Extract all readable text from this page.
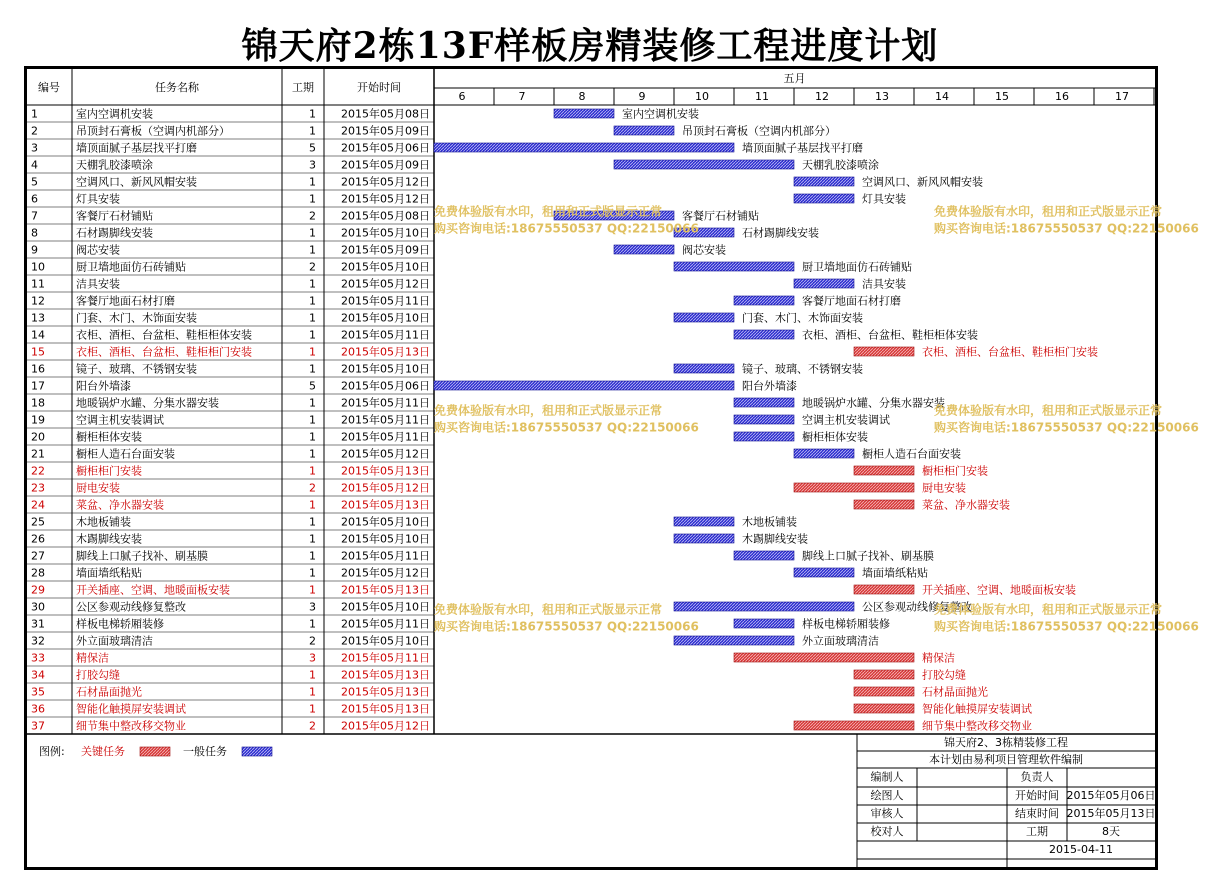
锦天府2栋13F样板房精装修工程进度计划
编号	任务名称	工期	开始时间
五月
6	7	8	9	10	11	12	13	14	15	16	17
1	室内空调机安装	1 2015年05月08日
2	吊顶封石膏板（空调内机部分）	1 2015年05月09日
3	墙顶面腻子基层找平打磨	5 2015年05月06日
4	天棚乳胶漆喷涂	3 2015年05月09日
5	空调风口、新风风帽安装	1 2015年05月12日
6	灯具安装	1 2015年05月12日
7	客餐厅石材铺贴	2 2015年05月08日
8	石材踢脚线安装	1 2015年05月10日
9	阀芯安装	1 2015年05月09日
10	厨卫墙地面仿石砖铺贴	2 2015年05月10日
11	洁具安装	1 2015年05月12日
12	客餐厅地面石材打磨	1 2015年05月11日
13	门套、木门、木饰面安装	1 2015年05月10日
14	衣柜、酒柜、台盆柜、鞋柜柜体安装	1 2015年05月11日
15	衣柜、酒柜、台盆柜、鞋柜柜门安装	1 2015年05月13日
16	镜子、玻璃、不锈钢安装	1 2015年05月10日
17	阳台外墙漆	5 2015年05月06日
18	地暖锅炉水罐、分集水器安装	1 2015年05月11日
19	空调主机安装调试	1 2015年05月11日
20	橱柜柜体安装	1 2015年05月11日
21	橱柜人造石台面安装	1 2015年05月12日
22	橱柜柜门安装	1 2015年05月13日
23	厨电安装	2 2015年05月12日
24	菜盆、净水器安装	1 2015年05月13日
25	木地板铺装	1 2015年05月10日
26	木踢脚线安装	1 2015年05月10日
27	脚线上口腻子找补、刷基膜	1 2015年05月11日
28	墙面墙纸粘贴	1 2015年05月12日
29	开关插座、空调、地暖面板安装	1 2015年05月13日
30	公区参观动线修复整改	3 2015年05月10日
31	样板电梯轿厢装修	1 2015年05月11日
32	外立面玻璃清洁	2 2015年05月10日
33	精保洁	3 2015年05月11日
34	打胶勾缝	1 2015年05月13日
35	石材晶面抛光	1 2015年05月13日
36	智能化触摸屏安装调试	1 2015年05月13日
37	细节集中整改移交物业	2 2015年05月12日
室内空调机安装
吊顶封石膏板（空调内机部分）
墙顶面腻子基层找平打磨
天棚乳胶漆喷涂
空调风口、新风风帽安装
灯具安装
客餐厅石材铺贴
石材踢脚线安装
阀芯安装
厨卫墙地面仿石砖铺贴
洁具安装
客餐厅地面石材打磨
门套、木门、木饰面安装
衣柜、酒柜、台盆柜、鞋柜柜体安装
衣柜、酒柜、台盆柜、鞋柜柜门安装
镜子、玻璃、不锈钢安装
阳台外墙漆
地暖锅炉水罐、分集水器安装
空调主机安装调试
橱柜柜体安装
橱柜人造石台面安装
橱柜柜门安装
厨电安装
菜盆、净水器安装
木地板铺装
木踢脚线安装
脚线上口腻子找补、刷基膜
墙面墙纸粘贴
开关插座、空调、地暖面板安装
公区参观动线修复整改
样板电梯轿厢装修
外立面玻璃清洁
精保洁
打胶勾缝
石材晶面抛光
智能化触摸屏安装调试
细节集中整改移交物业
免费体验版有水印，租用和正式版显示正常
购买咨询电话:18675550537 QQ:22150066
免费体验版有水印，租用和正式版显示正常
购买咨询电话:18675550537 QQ:22150066
免费体验版有水印，租用和正式版显示正常
购买咨询电话:18675550537 QQ:22150066
免费体验版有水印，租用和正式版显示正常
购买咨询电话:18675550537 QQ:22150066
免费体验版有水印，租用和正式版显示正常
购买咨询电话:18675550537 QQ:22150066
免费体验版有水印，租用和正式版显示正常
购买咨询电话:18675550537 QQ:22150066
图例: 关键任务	一般任务
锦天府2、3栋精装修工程
本计划由易利项目管理软件编制
编制人	负责人
绘图人	开始时间 2015年05月06日
审核人	结束时间 2015年05月13日
校对人	工期	8天
2015-04-11
